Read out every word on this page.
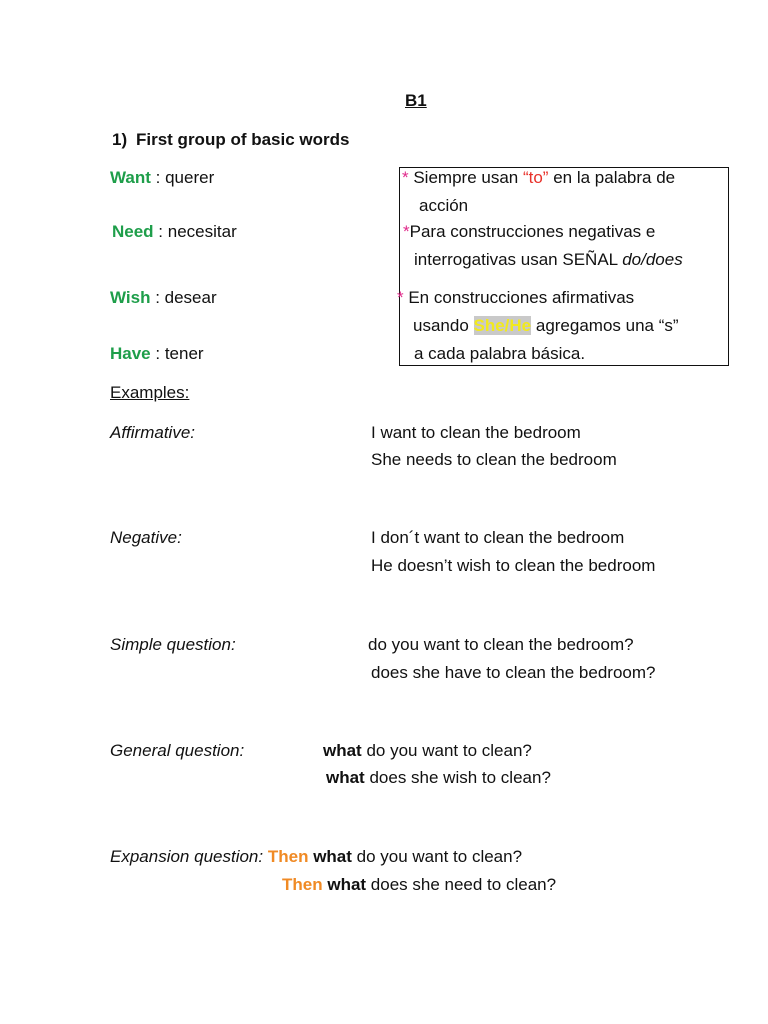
B1
1) First group of basic words
Want : querer
Need : necesitar
Wish : desear
Have : tener
* Siempre usan “to” en la palabra de
acción
*Para construcciones negativas e
interrogativas usan SEÑAL do/does
* En construcciones afirmativas
usando She/He agregamos una “s”
a cada palabra básica.
Examples:
Affirmative:	I want to clean the bedroom
She needs to clean the bedroom
Negative:	I don´t want to clean the bedroom
He doesn’t wish to clean the bedroom
Simple question:	do you want to clean the bedroom?
does she have to clean the bedroom?
General question:	what do you want to clean?
what does she wish to clean?
Expansion question: Then what do you want to clean?
Then what does she need to clean?
